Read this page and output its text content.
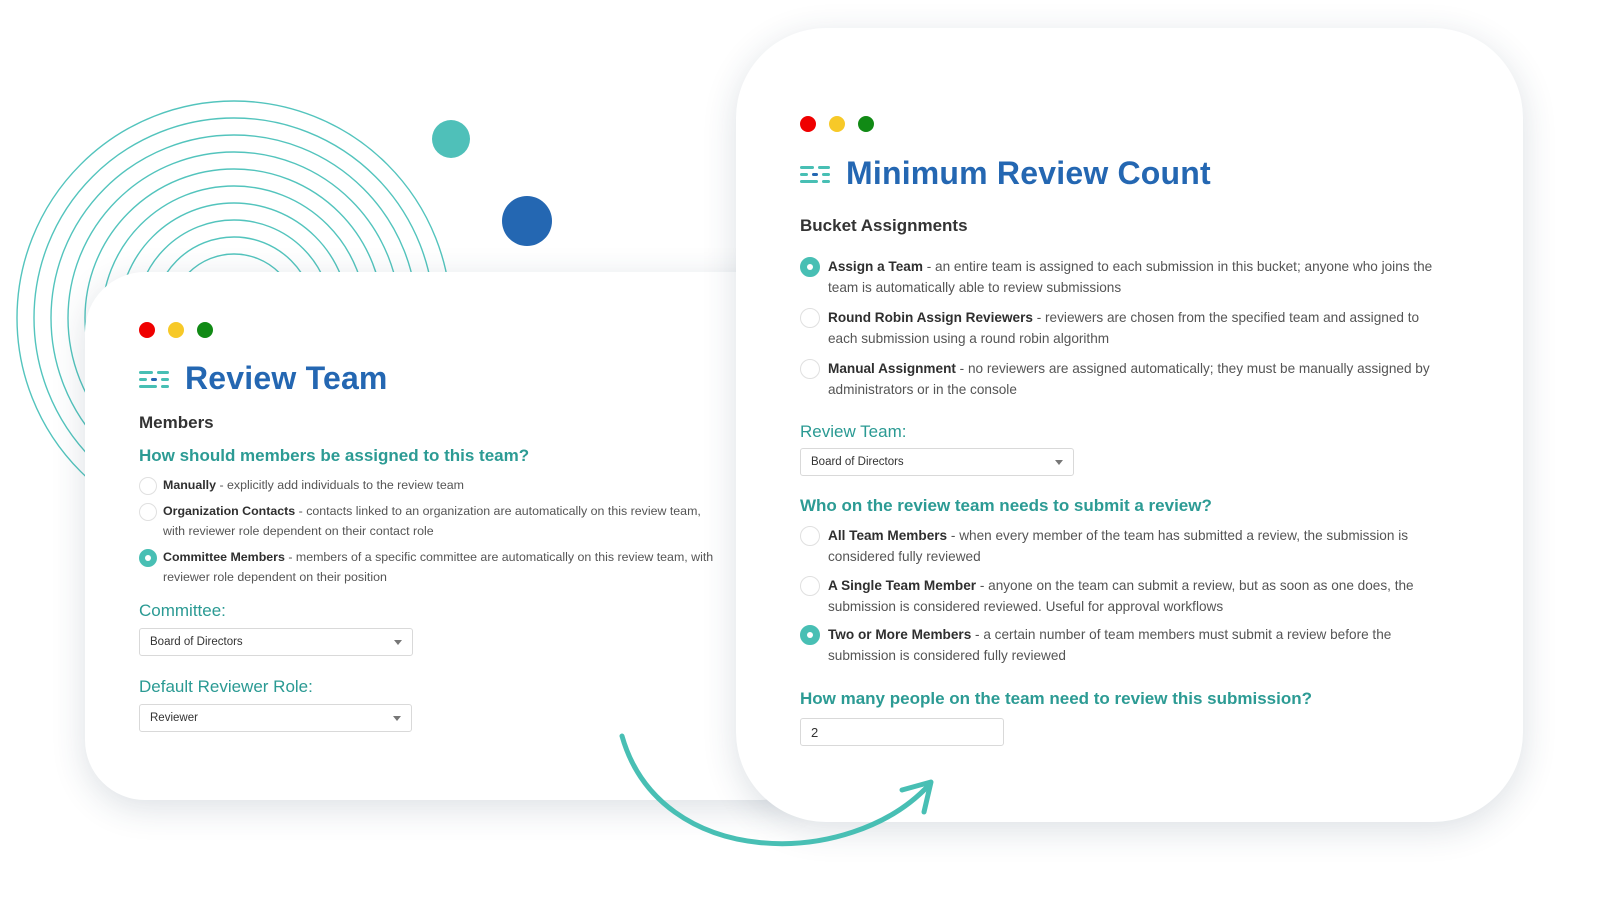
Review Team
Members
How should members be assigned to this team?
Manually - explicitly add individuals to the review team
Organization Contacts - contacts linked to an organization are automatically on this review team, with reviewer role dependent on their contact role
Committee Members - members of a specific committee are automatically on this review team, with reviewer role dependent on their position
Committee:
Board of Directors
Default Reviewer Role:
Reviewer
Minimum Review Count
Bucket Assignments
Assign a Team - an entire team is assigned to each submission in this bucket; anyone who joins the team is automatically able to review submissions
Round Robin Assign Reviewers - reviewers are chosen from the specified team and assigned to each submission using a round robin algorithm
Manual Assignment - no reviewers are assigned automatically; they must be manually assigned by administrators or in the console
Review Team:
Board of Directors
Who on the review team needs to submit a review?
All Team Members - when every member of the team has submitted a review, the submission is considered fully reviewed
A Single Team Member - anyone on the team can submit a review, but as soon as one does, the submission is considered reviewed. Useful for approval workflows
Two or More Members - a certain number of team members must submit a review before the submission is considered fully reviewed
How many people on the team need to review this submission?
2
